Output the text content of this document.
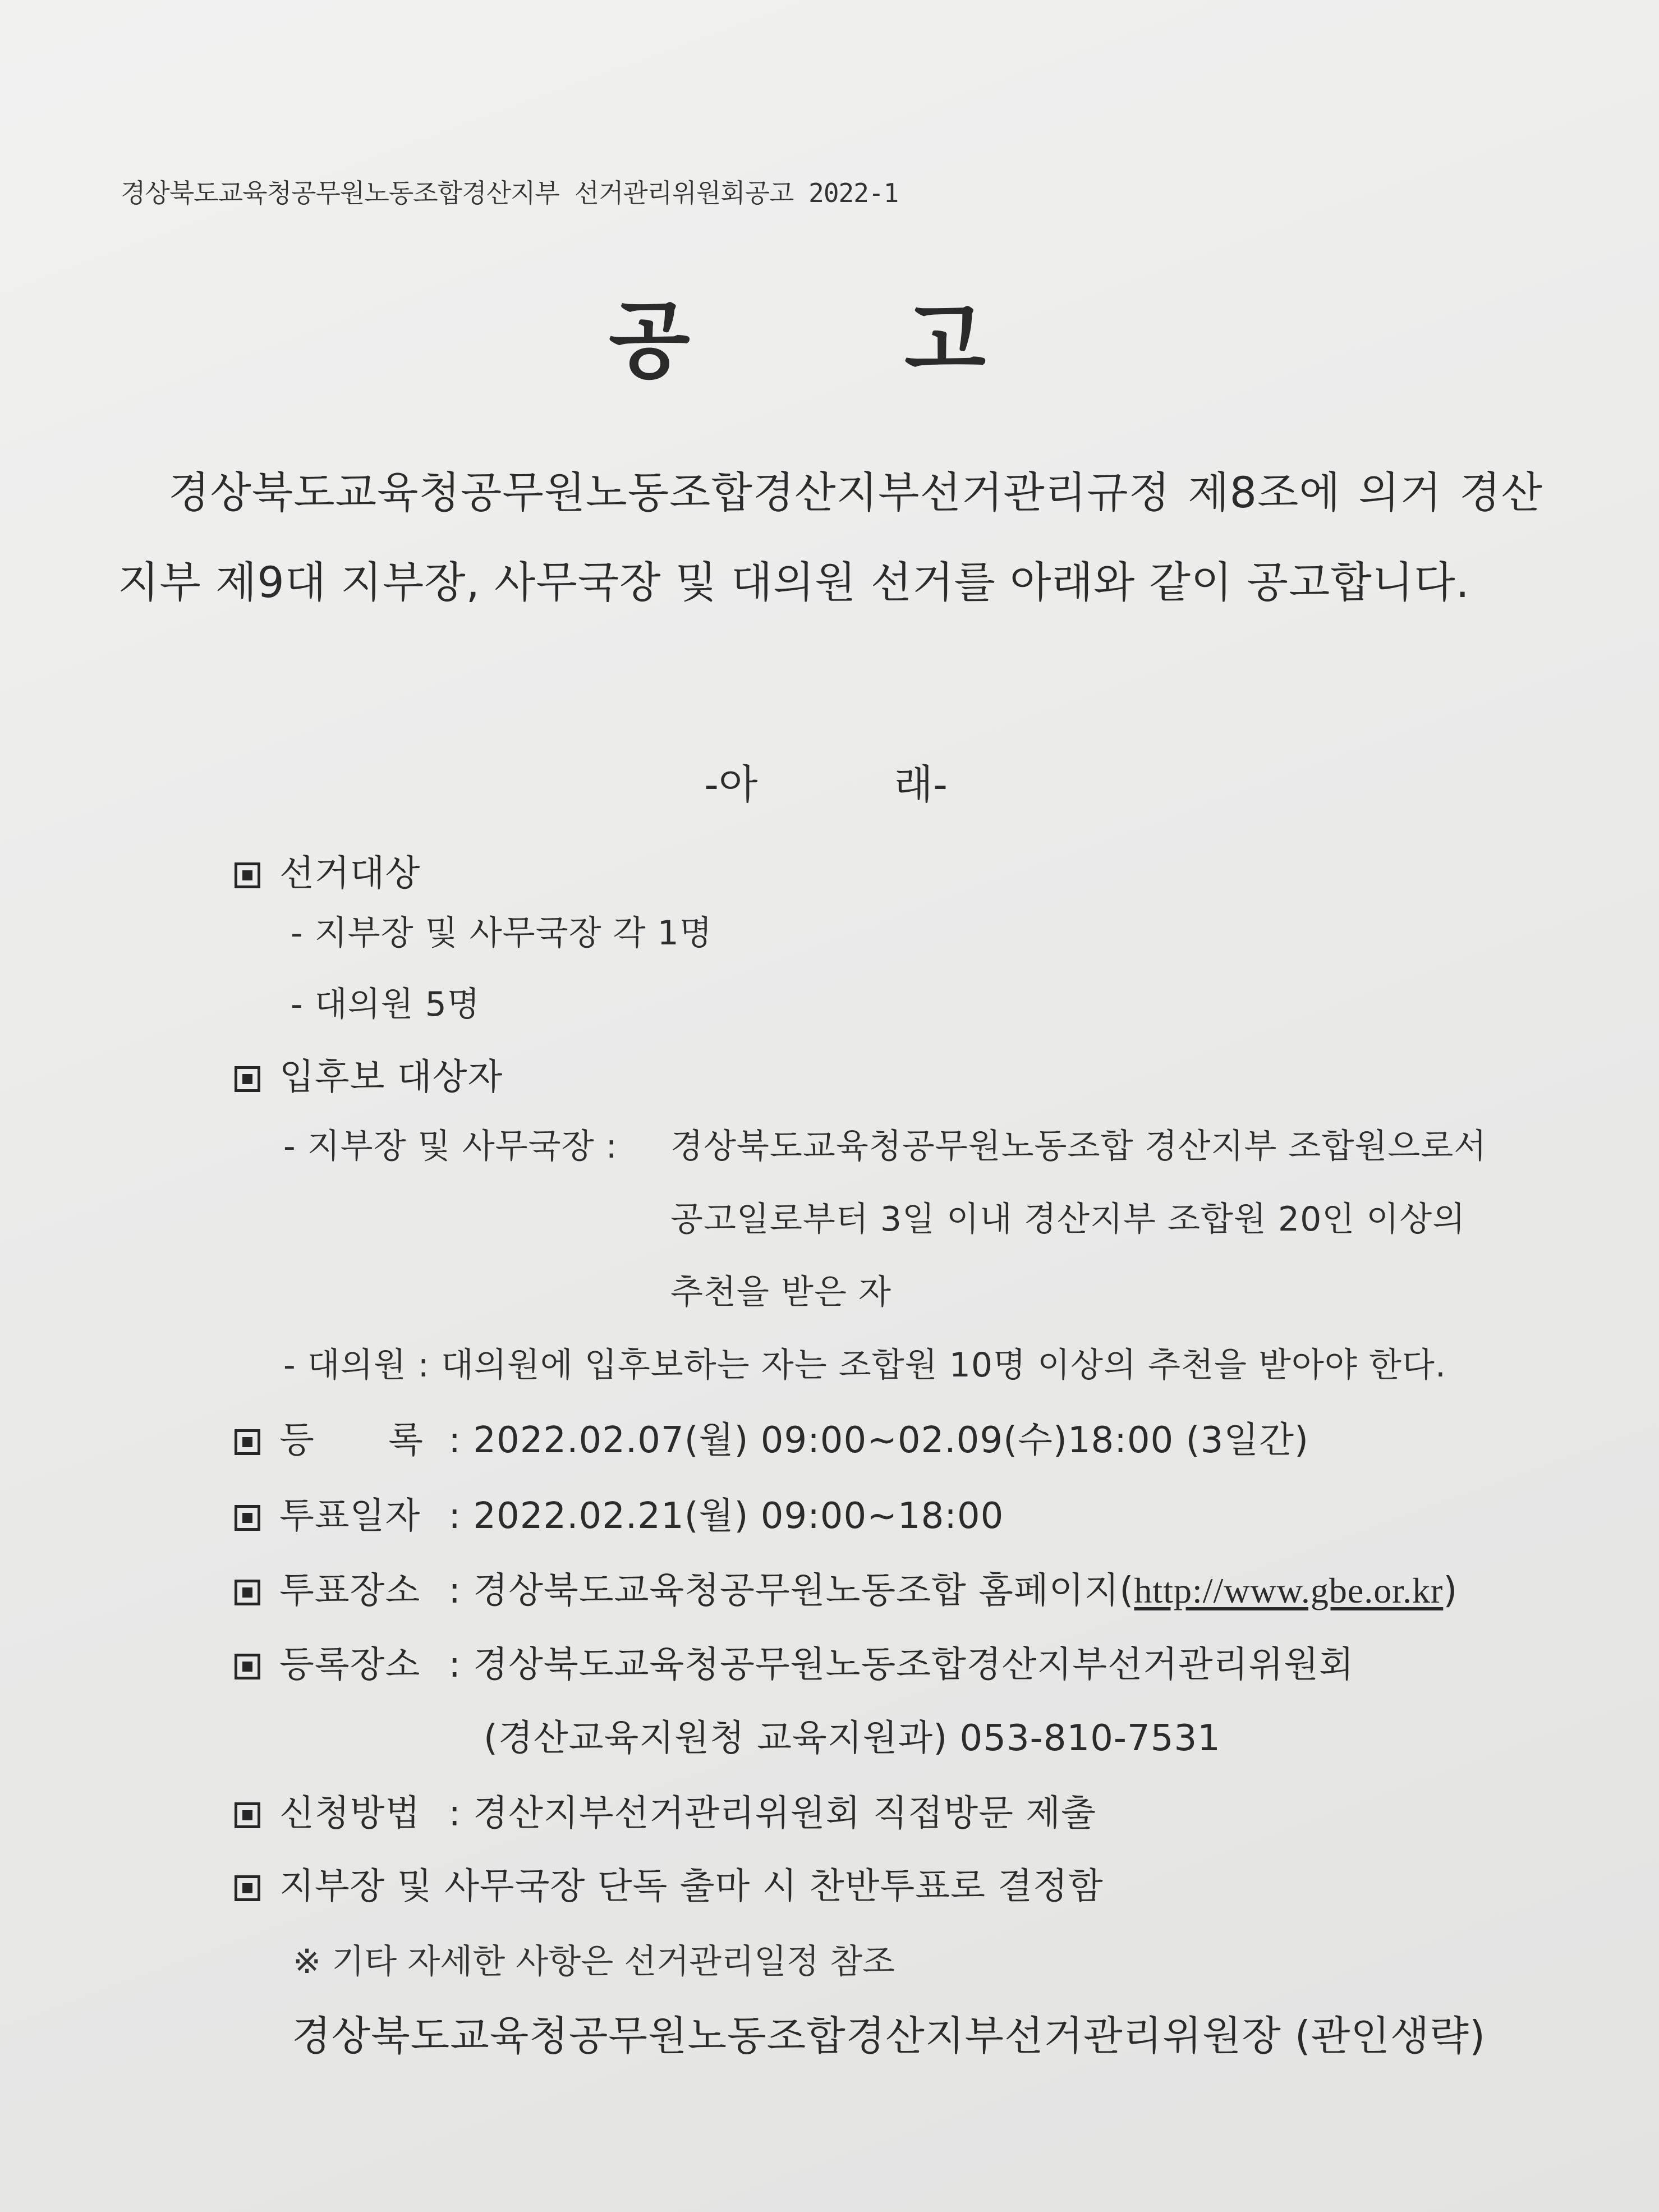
경상북도교육청공무원노동조합경산지부 선거관리위원회공고 2022-1
공 고
경상북도교육청공무원노동조합경산지부선거관리규정 제8조에 의거 경산지부 제9대 지부장, 사무국장 및 대의원 선거를 아래와 같이 공고합니다.
-아 래-
선거대상
- 지부장 및 사무국장 각 1명
- 대의원 5명
입후보 대상자
- 지부장 및 사무국장 : 경상북도교육청공무원노동조합 경산지부 조합원으로서
공고일로부터 3일 이내 경산지부 조합원 20인 이상의
추천을 받은 자
- 대의원 : 대의원에 입후보하는 자는 조합원 10명 이상의 추천을 받아야 한다.
등 록 : 2022.02.07(월) 09:00~02.09(수)18:00 (3일간)
투표일자 : 2022.02.21(월) 09:00~18:00
투표장소 : 경상북도교육청공무원노동조합 홈페이지(http://www.gbe.or.kr)
등록장소 : 경상북도교육청공무원노동조합경산지부선거관리위원회
(경산교육지원청 교육지원과) 053-810-7531
신청방법 : 경산지부선거관리위원회 직접방문 제출
지부장 및 사무국장 단독 출마 시 찬반투표로 결정함
※ 기타 자세한 사항은 선거관리일정 참조
경상북도교육청공무원노동조합경산지부선거관리위원장 (관인생략)
